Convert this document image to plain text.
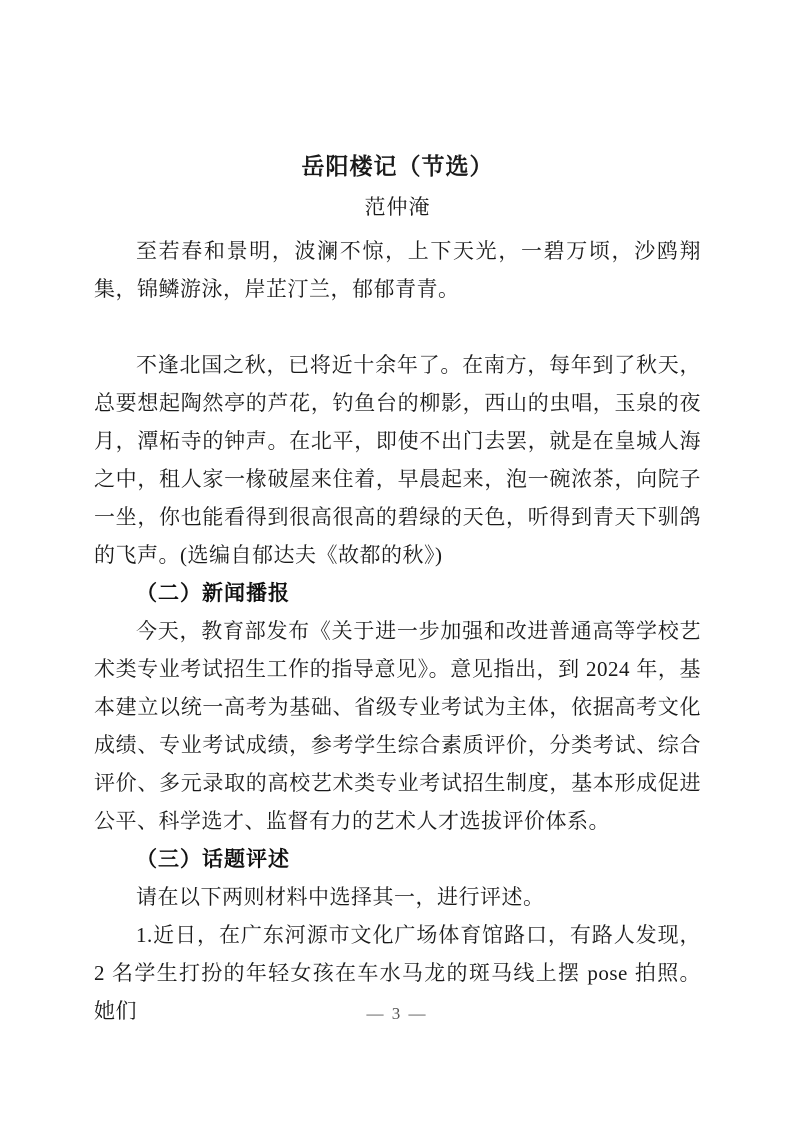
岳阳楼记（节选）
范仲淹

至若春和景明，波澜不惊，上下天光，一碧万顷，沙鸥翔集，锦鳞游泳，岸芷汀兰，郁郁青青。

不逢北国之秋，已将近十余年了。在南方，每年到了秋天，总要想起陶然亭的芦花，钓鱼台的柳影，西山的虫唱，玉泉的夜月，潭柘寺的钟声。在北平，即使不出门去罢，就是在皇城人海之中，租人家一椽破屋来住着，早晨起来，泡一碗浓茶，向院子一坐，你也能看得到很高很高的碧绿的天色，听得到青天下驯鸽的飞声。(选编自郁达夫《故都的秋》)

（二）新闻播报

今天，教育部发布《关于进一步加强和改进普通高等学校艺术类专业考试招生工作的指导意见》。意见指出，到 2024 年，基本建立以统一高考为基础、省级专业考试为主体，依据高考文化成绩、专业考试成绩，参考学生综合素质评价，分类考试、综合评价、多元录取的高校艺术类专业考试招生制度，基本形成促进公平、科学选才、监督有力的艺术人才选拔评价体系。

（三）话题评述

请在以下两则材料中选择其一，进行评述。

1.近日，在广东河源市文化广场体育馆路口，有路人发现，2 名学生打扮的年轻女孩在车水马龙的斑马线上摆 pose 拍照。她们	— 3 —
